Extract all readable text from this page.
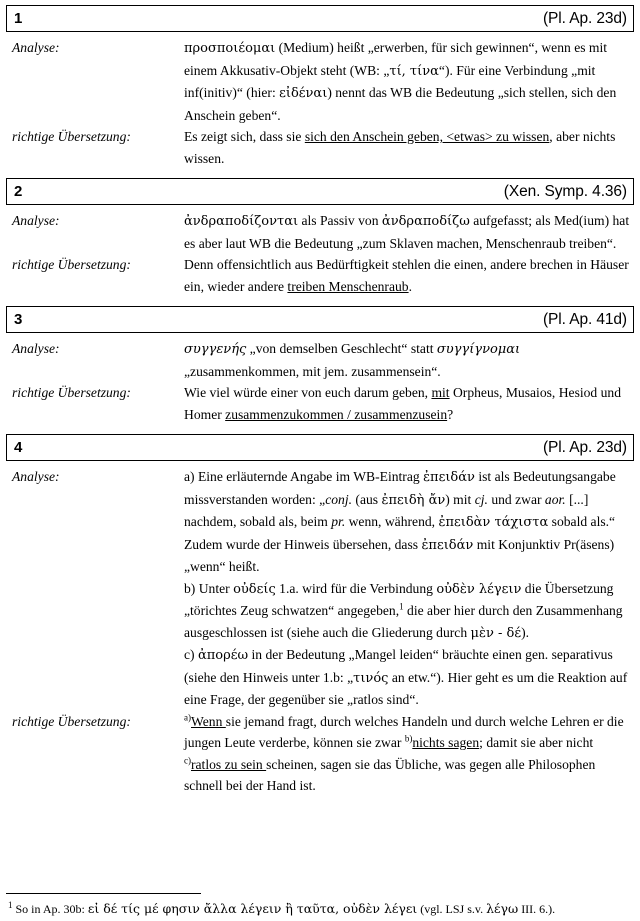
1	(Pl. Ap. 23d)
Analyse:	προσποιέομαι (Medium) heißt „erwerben, für sich gewinnen“, wenn es mit einem Akkusativ-Objekt steht (WB: „τί, τίνα“). Für eine Verbindung „mit inf(initiv)“ (hier: εἰδέναι) nennt das WB die Bedeutung „sich stellen, sich den Anschein geben“.
richtige Übersetzung:	Es zeigt sich, dass sie sich den Anschein geben, <etwas> zu wissen, aber nichts wissen.
2	(Xen. Symp. 4.36)
Analyse:	ἀνδραποδίζονται als Passiv von ἀνδραποδίζω aufgefasst; als Med(ium) hat es aber laut WB die Bedeutung „zum Sklaven machen, Menschenraub treiben“.
richtige Übersetzung:	Denn offensichtlich aus Bedürftigkeit stehlen die einen, andere brechen in Häuser ein, wieder andere treiben Menschenraub.
3	(Pl. Ap. 41d)
Analyse:	συγγενής „von demselben Geschlecht“ statt συγγίγνομαι „zusammenkommen, mit jem. zusammensein“.
richtige Übersetzung:	Wie viel würde einer von euch darum geben, mit Orpheus, Musaios, Hesiod und Homer zusammenzukommen / zusammenzusein?
4	(Pl. Ap. 23d)
Analyse:	a) Eine erläuternde Angabe im WB-Eintrag ἐπειδάν ist als Bedeutungsangabe missverstanden worden: „conj. (aus ἐπειδὴ ἄν) mit cj. und zwar aor. [...] nachdem, sobald als, beim pr. wenn, während, ἐπειδὰν τάχιστα sobald als.“ Zudem wurde der Hinweis übersehen, dass ἐπειδάν mit Konjunktiv Pr(äsens) „wenn“ heißt.
b) Unter οὐδείς 1.a. wird für die Verbindung οὐδὲν λέγειν die Übersetzung „törichtes Zeug schwatzen“ angegeben,$^1$ die aber hier durch den Zusammenhang ausgeschlossen ist (siehe auch die Gliederung durch μὲν - δέ).
c) ἀπορέω in der Bedeutung „Mangel leiden“ bräuchte einen gen. separativus (siehe den Hinweis unter 1.b: „τινός an etw.“). Hier geht es um die Reaktion auf eine Frage, der gegenüber sie „ratlos sind“.
richtige Übersetzung:	$^{a)}$Wenn sie jemand fragt, durch welches Handeln und durch welche Lehren er die jungen Leute verderbe, können sie zwar $^{b)}$nichts sagen; damit sie aber nicht $^{c)}$ratlos zu sein scheinen, sagen sie das Übliche, was gegen alle Philosophen schnell bei der Hand ist.
$^1$ So in Ap. 30b: εἰ δέ τίς μέ φησιν ἄλλα λέγειν ἢ ταῦτα, οὐδὲν λέγει (vgl. LSJ s.v. λέγω III. 6.).
